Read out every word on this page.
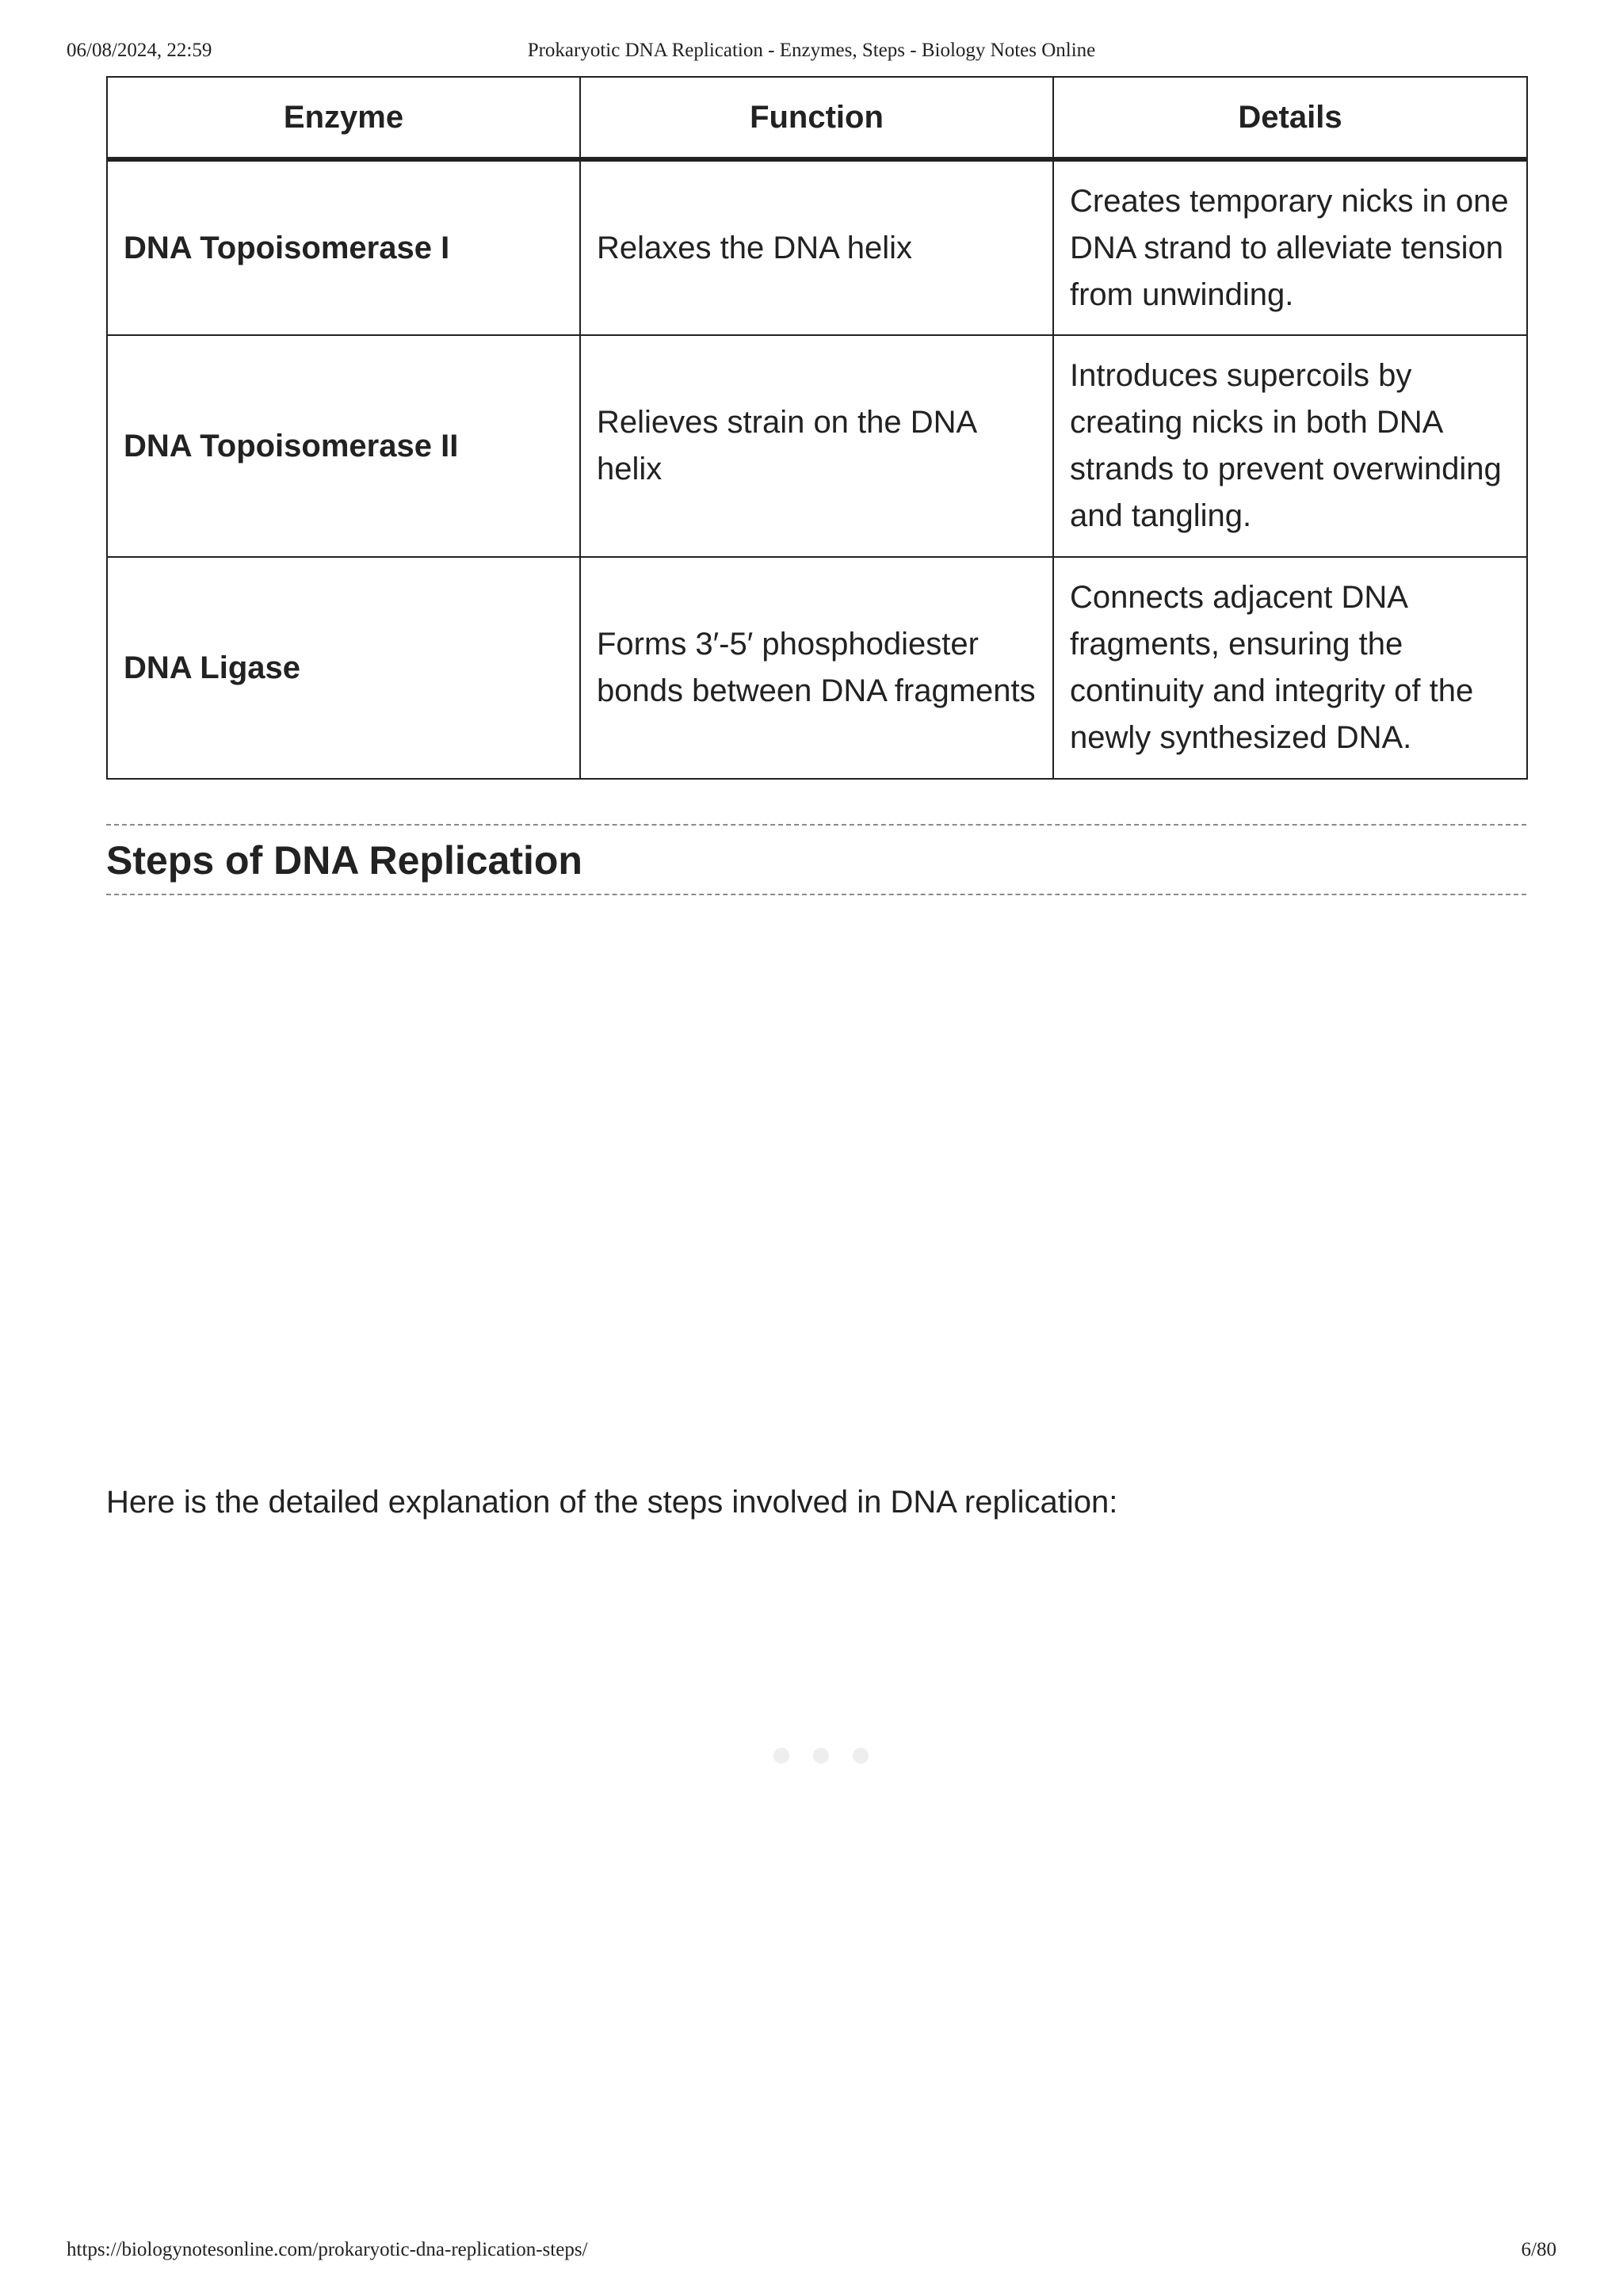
06/08/2024, 22:59	Prokaryotic DNA Replication - Enzymes, Steps - Biology Notes Online
Enzyme	Function	Details
DNA Topoisomerase I	Relaxes the DNA helix	Creates temporary nicks in one DNA strand to alleviate tension from unwinding.
DNA Topoisomerase II	Relieves strain on the DNA helix	Introduces supercoils by creating nicks in both DNA strands to prevent overwinding and tangling.
DNA Ligase	Forms 3′-5′ phosphodiester bonds between DNA fragments	Connects adjacent DNA fragments, ensuring the continuity and integrity of the newly synthesized DNA.
Steps of DNA Replication

Here is the detailed explanation of the steps involved in DNA replication:

https://biologynotesonline.com/prokaryotic-dna-replication-steps/	6/80
